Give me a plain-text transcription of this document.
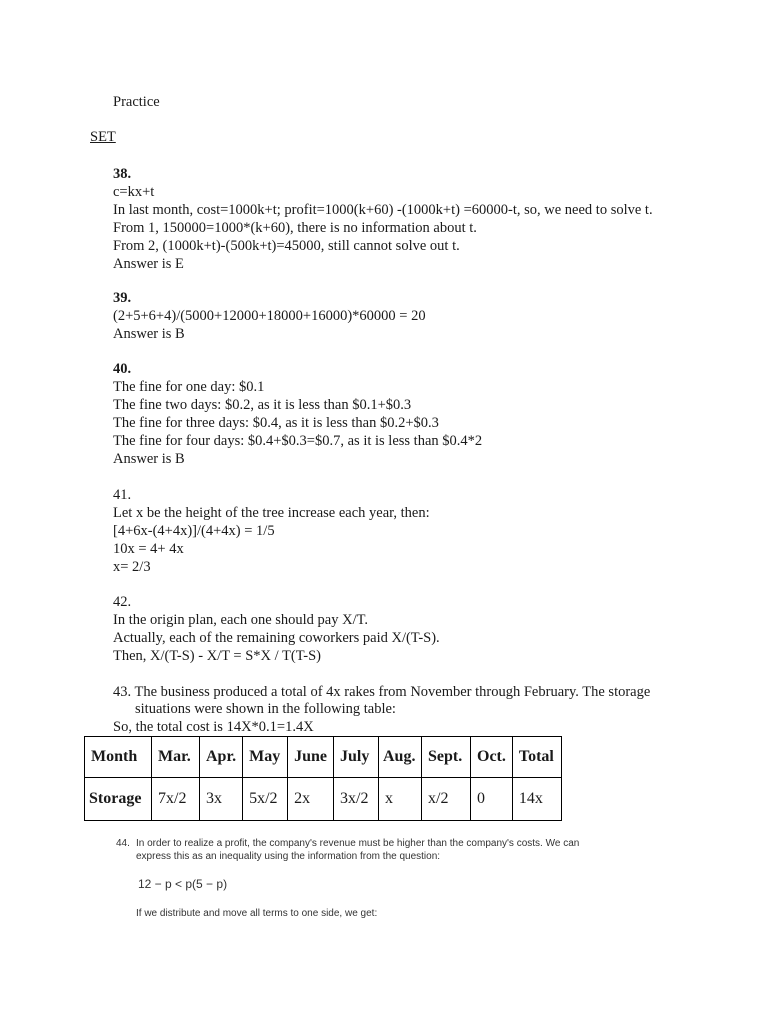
Practice
SET
38.
c=kx+t
In last month, cost=1000k+t; profit=1000(k+60) -(1000k+t) =60000-t, so, we need to solve t.
From 1, 150000=1000*(k+60), there is no information about t.
From 2, (1000k+t)-(500k+t)=45000, still cannot solve out t.
Answer is E
39.
(2+5+6+4)/(5000+12000+18000+16000)*60000 = 20
Answer is B
40.
The fine for one day: $0.1
The fine two days: $0.2, as it is less than $0.1+$0.3
The fine for three days: $0.4, as it is less than $0.2+$0.3
The fine for four days: $0.4+$0.3=$0.7, as it is less than $0.4*2
Answer is B
41.
Let x be the height of the tree increase each year, then:
[4+6x-(4+4x)]/(4+4x) = 1/5
10x = 4+ 4x
x= 2/3
42.
In the origin plan, each one should pay X/T.
Actually, each of the remaining coworkers paid X/(T-S).
Then, X/(T-S) - X/T = S*X / T(T-S)
43. The business produced a total of 4x rakes from November through February. The storage
situations were shown in the following table:
So, the total cost is 14X*0.1=1.4X
Month	Mar.	Apr.	May	June	July	Aug.	Sept.	Oct.	Total
Storage	7x/2	3x	5x/2	2x	3x/2	x	x/2	0	14x
44. In order to realize a profit, the company's revenue must be higher than the company's costs. We can
express this as an inequality using the information from the question:
12 − p < p(5 − p)
If we distribute and move all terms to one side, we get:
